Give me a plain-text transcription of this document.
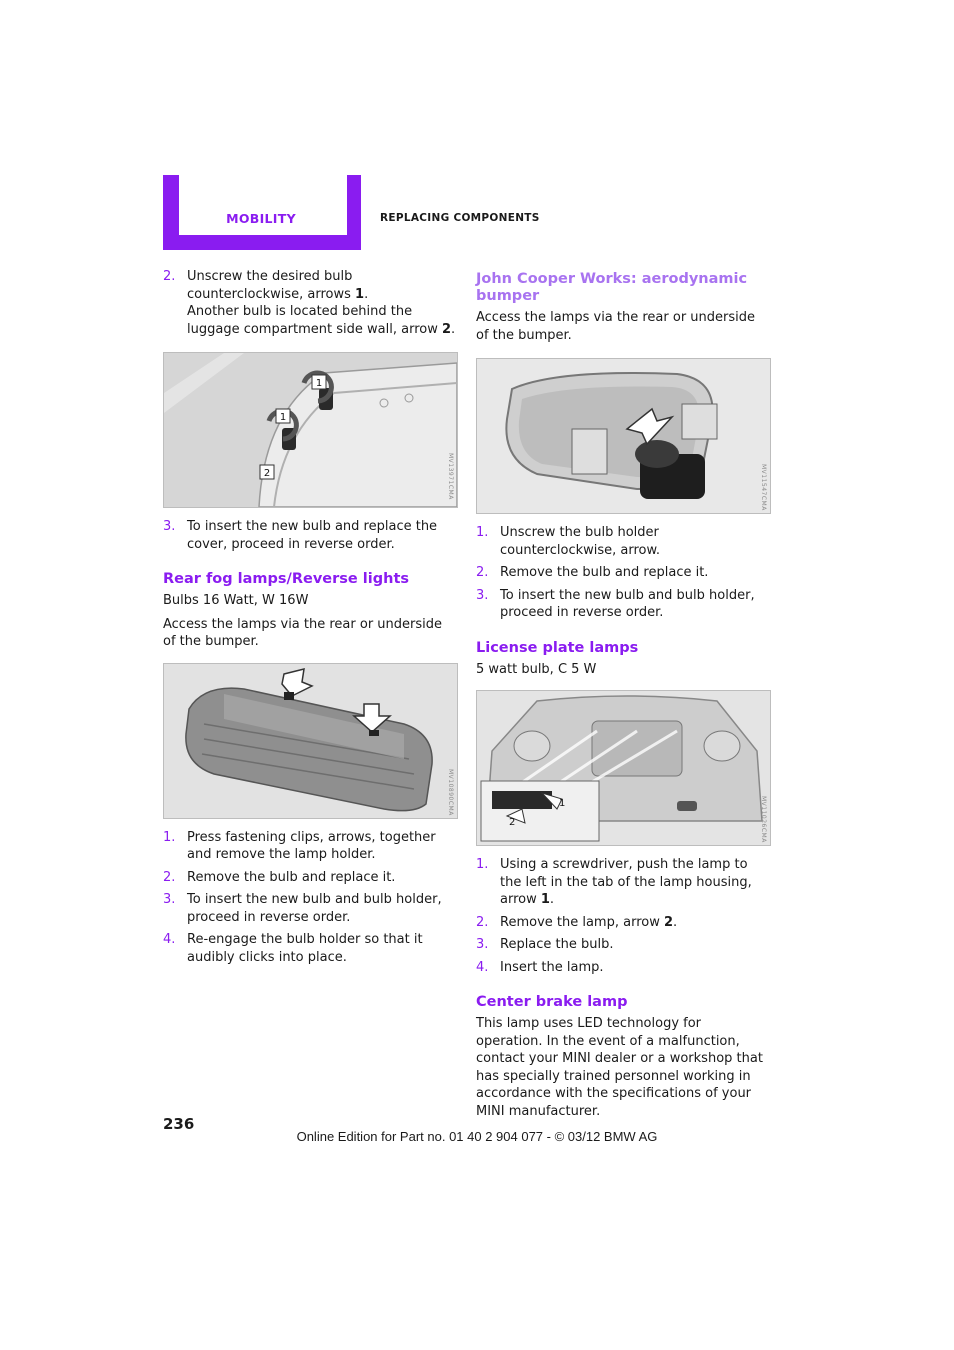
MOBILITY	REPLACING COMPONENTS
2. Unscrew the desired bulb counterclockwise, arrows 1.
Another bulb is located behind the luggage compartment side wall, arrow 2.
1
1
2	MV13971CMA
3. To insert the new bulb and replace the cover, proceed in reverse order.
Rear fog lamps/Reverse lights

Bulbs 16 Watt, W 16W

Access the lamps via the rear or underside of the bumper.

MV10890CMA
1. Press fastening clips, arrows, together and remove the lamp holder.
2. Remove the bulb and replace it.
3. To insert the new bulb and bulb holder, proceed in reverse order.
4. Re-engage the bulb holder so that it audibly clicks into place.
John Cooper Works: aerodynamic bumper

Access the lamps via the rear or underside of the bumper.

MV11547CMA
1. Unscrew the bulb holder counterclockwise, arrow.
2. Remove the bulb and replace it.
3. To insert the new bulb and bulb holder, proceed in reverse order.
License plate lamps

5 watt bulb, C 5 W

1
2	MV11026CMA
1. Using a screwdriver, push the lamp to the left in the tab of the lamp housing, arrow 1.
2. Remove the lamp, arrow 2.
3. Replace the bulb.
4. Insert the lamp.
Center brake lamp

This lamp uses LED technology for operation. In the event of a malfunction, contact your MINI dealer or a workshop that has specially trained personnel working in accordance with the specifications of your MINI manufacturer.

236
Online Edition for Part no. 01 40 2 904 077 - © 03/12 BMW AG
